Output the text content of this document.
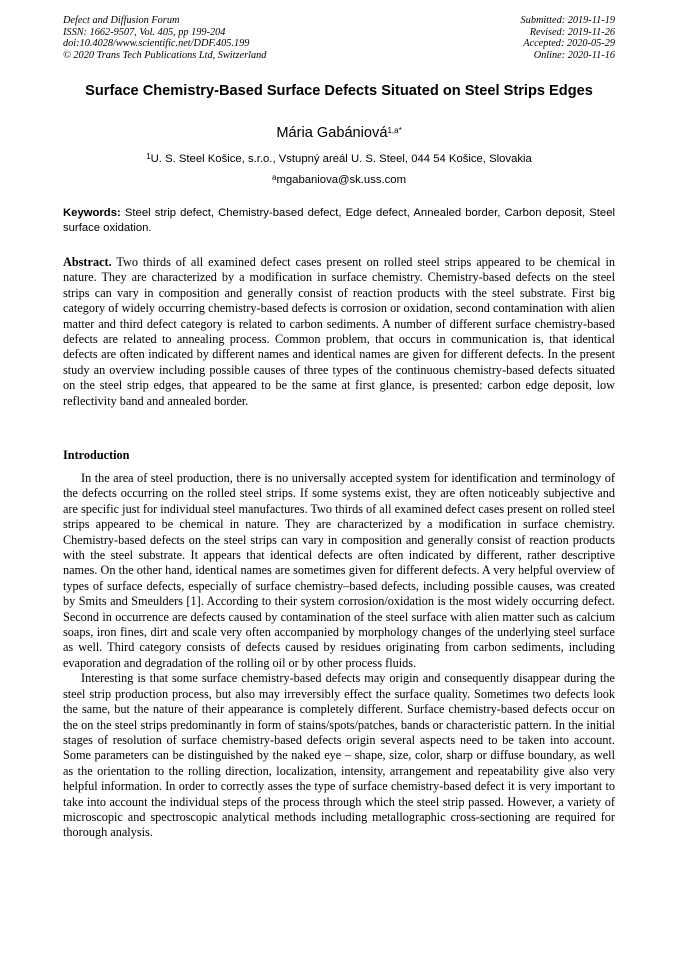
Defect and Diffusion Forum
ISSN: 1662-9507, Vol. 405, pp 199-204
doi:10.4028/www.scientific.net/DDF.405.199
© 2020 Trans Tech Publications Ltd, Switzerland
Submitted: 2019-11-19
Revised: 2019-11-26
Accepted: 2020-05-29
Online: 2020-11-16
Surface Chemistry-Based Surface Defects Situated on Steel Strips Edges
Mária Gabániová$^{1,a*}$
$^1$U. S. Steel Košice, s.r.o., Vstupný areál U. S. Steel, 044 54 Košice, Slovakia
$^a$mgabaniova@sk.uss.com
Keywords: Steel strip defect, Chemistry-based defect, Edge defect, Annealed border, Carbon deposit, Steel surface oxidation.

Abstract. Two thirds of all examined defect cases present on rolled steel strips appeared to be chemical in nature. They are characterized by a modification in surface chemistry. Chemistry-based defects on the steel strips can vary in composition and generally consist of reaction products with the steel substrate. First big category of widely occurring chemistry-based defects is corrosion or oxidation, second contamination with alien matter and third defect category is related to carbon sediments. A number of different surface chemistry-based defects are related to annealing process. Common problem, that occurs in communication is, that identical defects are often indicated by different names and identical names are given for different defects. In the present study an overview including possible causes of three types of the continuous chemistry-based defects situated on the steel strip edges, that appeared to be the same at first glance, is presented: carbon edge deposit, low reflectivity band and annealed border.

Introduction

In the area of steel production, there is no universally accepted system for identification and terminology of the defects occurring on the rolled steel strips. If some systems exist, they are often noticeably subjective and are specific just for individual steel manufactures. Two thirds of all examined defect cases present on rolled steel strips appeared to be chemical in nature. They are characterized by a modification in surface chemistry. Chemistry-based defects on the steel strips can vary in composition and generally consist of reaction products with the steel substrate. It appears that identical defects are often indicated by different, rather descriptive names. On the other hand, identical names are sometimes given for different defects. A very helpful overview of types of surface defects, especially of surface chemistry–based defects, including possible causes, was created by Smits and Smeulders [1]. According to their system corrosion/oxidation is the most widely occurring defect. Second in occurrence are defects caused by contamination of the steel surface with alien matter such as calcium soaps, iron fines, dirt and scale very often accompanied by morphology changes of the underlying steel surface as well. Third category consists of defects caused by residues originating from carbon sediments, including evaporation and degradation of the rolling oil or by other process fluids.

Interesting is that some surface chemistry-based defects may origin and consequently disappear during the steel strip production process, but also may irreversibly effect the surface quality. Sometimes two defects look the same, but the nature of their appearance is completely different. Surface chemistry-based defects occur on the on the steel strips predominantly in form of stains/spots/patches, bands or characteristic pattern. In the initial stages of resolution of surface chemistry-based defects origin several aspects need to be taken into account. Some parameters can be distinguished by the naked eye – shape, size, color, sharp or diffuse boundary, as well as the orientation to the rolling direction, localization, intensity, arrangement and repeatability give also very helpful information. In order to correctly asses the type of surface chemistry-based defect it is very important to take into account the individual steps of the process through which the steel strip passed. However, a variety of microscopic and spectroscopic analytical methods including metallographic cross-sectioning are required for thorough analysis.
